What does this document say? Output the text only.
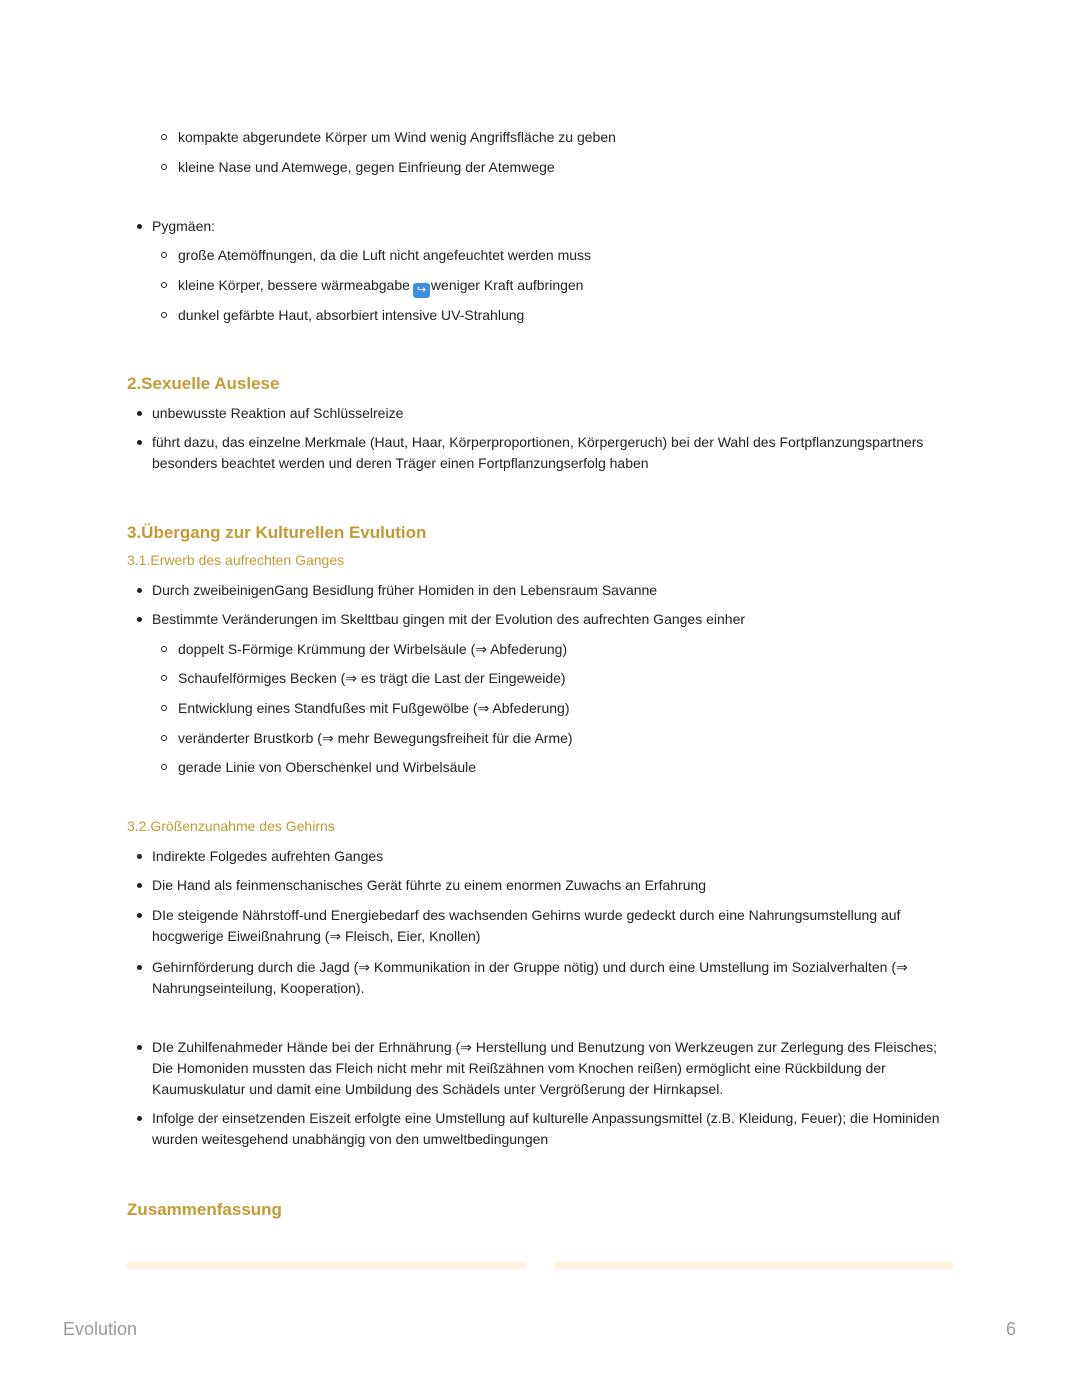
kompakte abgerundete Körper um Wind wenig Angriffsfläche zu geben
kleine Nase und Atemwege, gegen Einfrieung der Atemwege
Pygmäen:
große Atemöffnungen, da die Luft nicht angefeuchtet werden muss
kleine Körper, bessere wärmeabgabe ↪ weniger Kraft aufbringen
dunkel gefärbte Haut, absorbiert intensive UV-Strahlung
2.Sexuelle Auslese
unbewusste Reaktion auf Schlüsselreize
führt dazu, das einzelne Merkmale (Haut, Haar, Körperproportionen, Körpergeruch) bei der Wahl des Fortpflanzungspartners besonders beachtet werden und deren Träger einen Fortpflanzungserfolg haben
3.Übergang zur Kulturellen Evulution
3.1.Erwerb des aufrechten Ganges
Durch zweibeinigenGang Besidlung früher Homiden in den Lebensraum Savanne
Bestimmte Veränderungen im Skelttbau gingen mit der Evolution des aufrechten Ganges einher
doppelt S-Förmige Krümmung der Wirbelsäule (⇒ Abfederung)
Schaufelförmiges Becken (⇒ es trägt die Last der Eingeweide)
Entwicklung eines Standfußes mit Fußgewölbe (⇒ Abfederung)
veränderter Brustkorb (⇒ mehr Bewegungsfreiheit für die Arme)
gerade Linie von Oberschenkel und Wirbelsäule
3.2.Größenzunahme des Gehirns
Indirekte Folgedes aufrehten Ganges
Die Hand als feinmenschanisches Gerät führte zu einem enormen Zuwachs an Erfahrung
DIe steigende Nährstoff-und Energiebedarf des wachsenden Gehirns wurde gedeckt durch eine Nahrungsumstellung auf hocgwerige Eiweißnahrung (⇒ Fleisch, Eier, Knollen)
Gehirnförderung durch die Jagd (⇒ Kommunikation in der Gruppe nötig) und durch eine Umstellung im Sozialverhalten (⇒ Nahrungseinteilung, Kooperation).
DIe Zuhilfenahmeder Hände bei der Erhnährung (⇒ Herstellung und Benutzung von Werkzeugen zur Zerlegung des Fleisches; Die Homoniden mussten das Fleich nicht mehr mit Reißzähnen vom Knochen reißen) ermöglicht eine Rückbildung der Kaumuskulatur und damit eine Umbildung des Schädels unter Vergrößerung der Hirnkapsel.
Infolge der einsetzenden Eiszeit erfolgte eine Umstellung auf kulturelle Anpassungsmittel (z.B. Kleidung, Feuer); die Hominiden wurden weitesgehend unabhängig von den umweltbedingungen
Zusammenfassung
Evolution	6
